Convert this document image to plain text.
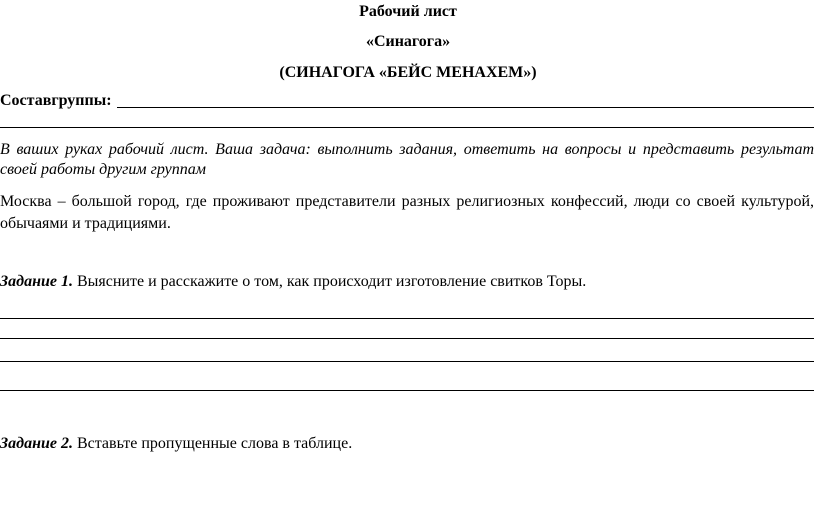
Рабочий лист
«Синагога»
(СИНАГОГА «БЕЙС МЕНАХЕМ»)
Составгруппы:
В ваших руках рабочий лист. Ваша задача: выполнить задания, ответить на вопросы и представить результат своей работы другим группам
Москва – большой город, где проживают представители разных религиозных конфессий, люди со своей культурой, обычаями и традициями.
Задание 1. Выясните и расскажите о том, как происходит изготовление свитков Торы.
Задание 2. Вставьте пропущенные слова в таблице.
